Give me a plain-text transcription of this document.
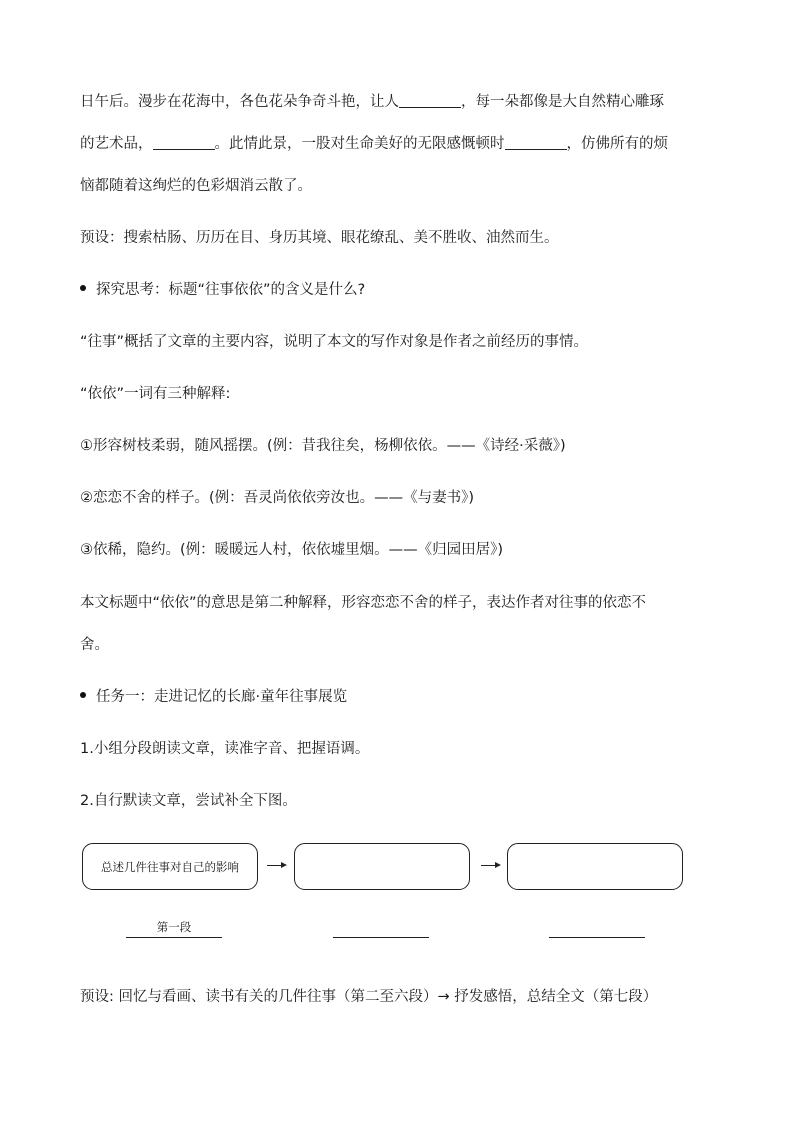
日午后。漫步在花海中，各色花朵争奇斗艳，让人	，每一朵都像是大自然精心雕琢
的艺术品，	。此情此景，一股对生命美好的无限感慨顿时	，仿佛所有的烦
恼都随着这绚烂的色彩烟消云散了。
预设：搜索枯肠、历历在目、身历其境、眼花缭乱、美不胜收、油然而生。
探究思考：标题“往事依依”的含义是什么?
“往事”概括了文章的主要内容，说明了本文的写作对象是作者之前经历的事情。
“依依”一词有三种解释:
①形容树枝柔弱，随风摇摆。(例：昔我往矣，杨柳依依。——《诗经·采薇》)
②恋恋不舍的样子。(例：吾灵尚依依旁汝也。——《与妻书》)
③依稀，隐约。(例：暖暖远人村，依依墟里烟。——《归园田居》)
本文标题中“依依”的意思是第二种解释，形容恋恋不舍的样子，表达作者对往事的依恋不
舍。
任务一：走进记忆的长廊·童年往事展览
1.小组分段朗读文章，读准字音、把握语调。
2.自行默读文章，尝试补全下图。
总述几件往事对自己的影响
第一段
预设: 回忆与看画、读书有关的几件往事（第二至六段）→ 抒发感悟，总结全文（第七段）
